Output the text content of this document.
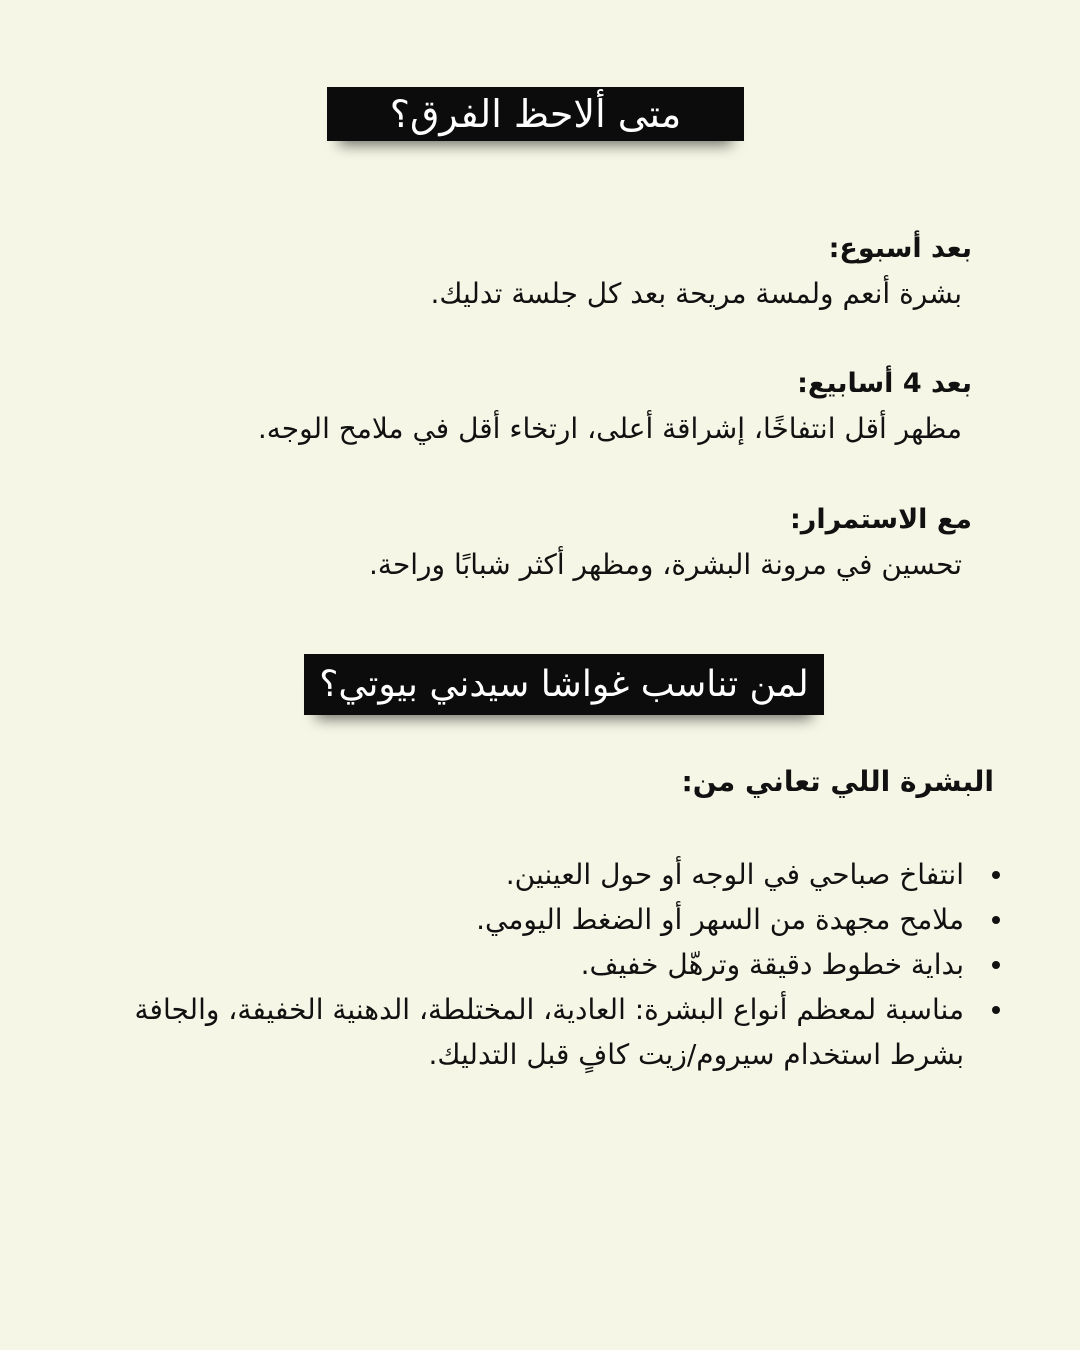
متى ألاحظ الفرق؟
بعد أسبوع:
بشرة أنعم ولمسة مريحة بعد كل جلسة تدليك.
بعد 4 أسابيع:
مظهر أقل انتفاخًا، إشراقة أعلى، ارتخاء أقل في ملامح الوجه.
مع الاستمرار:
تحسين في مرونة البشرة، ومظهر أكثر شبابًا وراحة.
لمن تناسب غواشا سيدني بيوتي؟
البشرة اللي تعاني من:
انتفاخ صباحي في الوجه أو حول العينين.
ملامح مجهدة من السهر أو الضغط اليومي.
بداية خطوط دقيقة وترهّل خفيف.
مناسبة لمعظم أنواع البشرة: العادية، المختلطة، الدهنية الخفيفة، والجافة بشرط استخدام سيروم/زيت كافٍ قبل التدليك.
